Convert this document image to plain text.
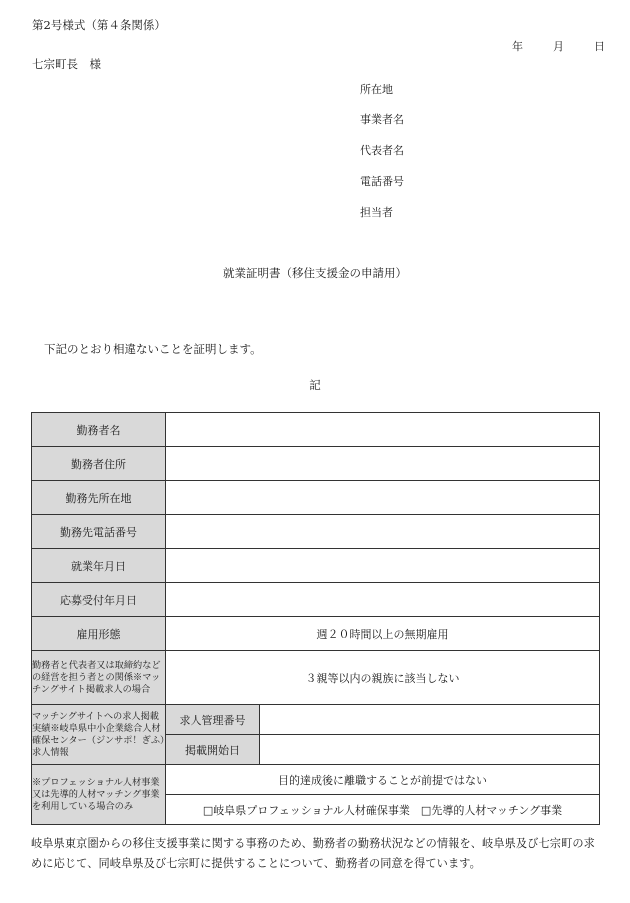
第2号様式（第４条関係）
年	月	日
七宗町長　様
所在地
事業者名
代表者名
電話番号
担当者
就業証明書（移住支援金の申請用）
下記のとおり相違ないことを証明します。
記
勤務者名		
勤務者住所		
勤務先所在地		
勤務先電話番号		
就業年月日		
応募受付年月日		
雇用形態	週２０時間以上の無期雇用	
勤務者と代表者又は取締約などの経営を担う者との関係※マッチングサイト掲載求人の場合	３親等以内の親族に該当しない	
マッチングサイトへの求人掲載実績※岐阜県中小企業総合人材確保センター（ジンサポ！ぎふ）求人情報	求人管理番号	
	掲載開始日	
※プロフェッショナル人材事業又は先導的人材マッチング事業を利用している場合のみ	目的達成後に離職することが前提ではない	
	□岐阜県プロフェッショナル人材確保事業　□先導的人材マッチング事業	
岐阜県東京圏からの移住支援事業に関する事務のため、勤務者の勤務状況などの情報を、岐阜県及び七宗町の求めに応じて、同岐阜県及び七宗町に提供することについて、勤務者の同意を得ています。
